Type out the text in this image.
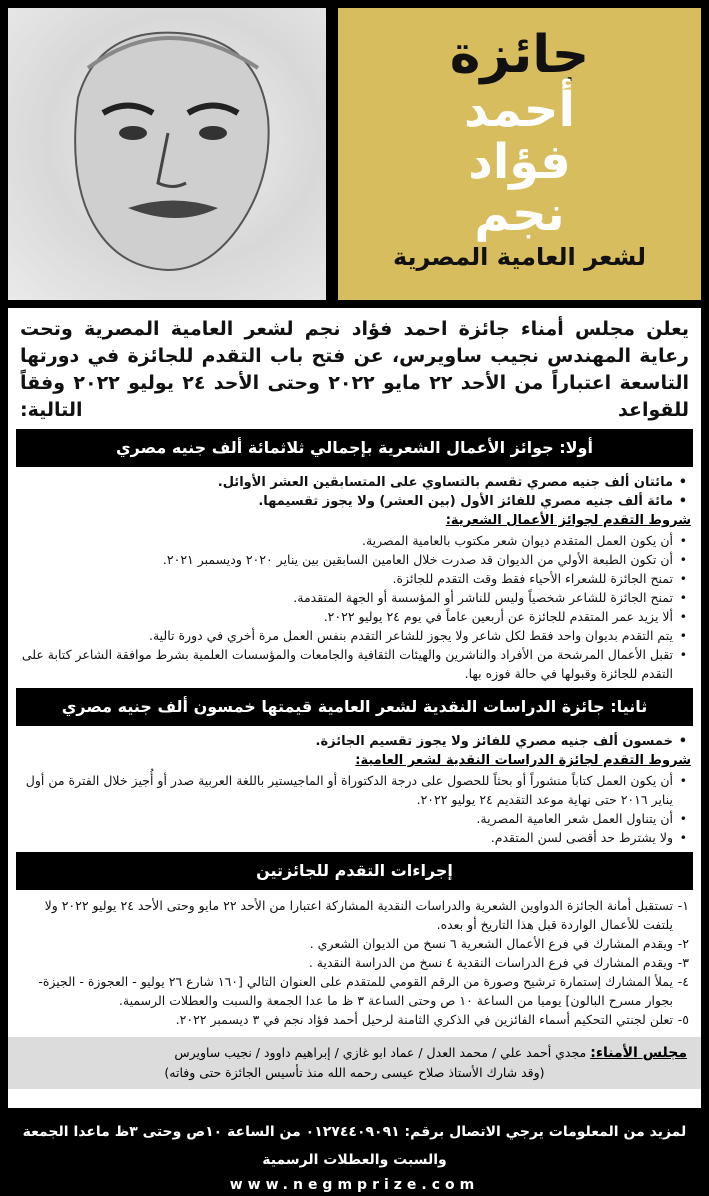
جائزة
أحمد
فؤاد
نجم
لشعر العامية المصرية

يعلن مجلس أمناء جائزة احمد فؤاد نجم لشعر العامية المصرية وتحت رعاية المهندس نجيب ساويرس، عن فتح باب التقدم للجائزة في دورتها التاسعة اعتباراً من الأحد ٢٢ مايو ٢٠٢٢ وحتى الأحد ٢٤ يوليو ٢٠٢٢ وفقاً للقواعد التالية:

أولا: جوائز الأعمال الشعرية بإجمالي ثلاثمائة ألف جنيه مصري
• مائتان ألف جنيه مصري تقسم بالتساوي على المتسابقين العشر الأوائل.
• مائة ألف جنيه مصري للفائز الأول (بين العشر) ولا يجوز تقسيمها.
شروط التقدم لجوائز الأعمال الشعرية:
• أن يكون العمل المتقدم ديوان شعر مكتوب بالعامية المصرية.
• أن تكون الطبعة الأولي من الديوان قد صدرت خلال العامين السابقين بين يناير ٢٠٢٠ وديسمبر ٢٠٢١.
• تمنح الجائزة للشعراء الأحياء فقط وقت التقدم للجائزة.
• تمنح الجائزة للشاعر شخصياً وليس للناشر أو المؤسسة أو الجهة المتقدمة.
• ألا يزيد عمر المتقدم للجائزة عن أربعين عاماً في يوم ٢٤ يوليو ٢٠٢٢.
• يتم التقدم بديوان واحد فقط لكل شاعر ولا يجوز للشاعر التقدم بنفس العمل مرة أخري في دورة تالية.
• تقبل الأعمال المرشحة من الأفراد والناشرين والهيئات الثقافية والجامعات والمؤسسات العلمية بشرط موافقة الشاعر كتابة على التقدم للجائزة وقبولها في حالة فوزه بها.
ثانيا: جائزة الدراسات النقدية لشعر العامية قيمتها خمسون ألف جنيه مصري
• خمسون ألف جنيه مصري للفائز ولا يجوز تقسيم الجائزة.
شروط التقدم لجائزة الدراسات النقدية لشعر العامية:
• أن يكون العمل كتاباً منشوراً أو بحثاً للحصول على درجة الدكتوراة أو الماجيستير باللغة العربية صدر أو أُجيز خلال الفترة من أول يناير ٢٠١٦ حتى نهاية موعد التقديم ٢٤ يوليو ٢٠٢٢.
• أن يتناول العمل شعر العامية المصرية.
• ولا يشترط حد أقصى لسن المتقدم.
إجراءات التقدم للجائزتين
١-
تستقبل أمانة الجائزة الدواوين الشعرية والدراسات النقدية المشاركة اعتبارا من الأحد ٢٢ مايو وحتى الأحد ٢٤ يوليو ٢٠٢٢ ولا يلتفت للأعمال الواردة قبل هذا التاريخ أو بعده.
٢-
ويقدم المشارك في فرع الأعمال الشعرية ٦ نسخ من الديوان الشعري .
٣-
ويقدم المشارك في فرع الدراسات النقدية ٤ نسخ من الدراسة النقدية .
٤-
يملأ المشارك إستمارة ترشيح وصورة من الرقم القومي للمتقدم على العنوان التالي [١٦٠ شارع ٢٦ يوليو - العجوزة - الجيزة- بجوار مسرح البالون] يوميا من الساعة ١٠ ص وحتى الساعة ٣ ظ ما عدا الجمعة والسبت والعطلات الرسمية.
٥-
تعلن لجنتي التحكيم أسماء الفائزين في الذكري الثامنة لرحيل أحمد فؤاد نجم في ٣ ديسمبر ٢٠٢٢.
مجلس الأمناء: مجدي أحمد علي / محمد العدل / عماد ابو غازي / إبراهيم داوود / نجيب ساويرس
(وقد شارك الأستاذ صلاح عيسى رحمه الله منذ تأسيس الجائزة حتى وفاته)
لمزيد من المعلومات يرجي الاتصال برقم: ٠١٢٧٤٤٠٩٠٩١ من الساعة ١٠ص وحتى ٣ظ ماعدا الجمعة والسبت والعطلات الرسمية
www.negmprize.com
